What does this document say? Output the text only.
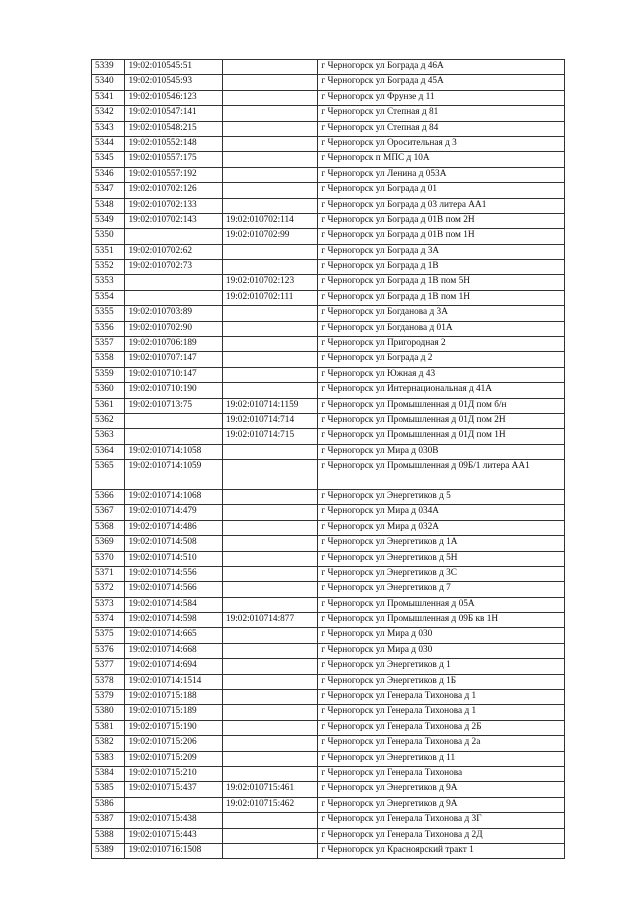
5339	19:02:010545:51		г Черногорск ул Бограда д 46А
5340	19:02:010545:93		г Черногорск ул Бограда д 45А
5341	19:02:010546:123		г Черногорск ул Фрунзе д 11
5342	19:02:010547:141		г Черногорск ул Степная д 81
5343	19:02:010548:215		г Черногорск ул Степная д 84
5344	19:02:010552:148		г Черногорск ул Оросительная д 3
5345	19:02:010557:175		г Черногорск п МПС д 10А
5346	19:02:010557:192		г Черногорск ул Ленина д 053А
5347	19:02:010702:126		г Черногорск ул Бограда д 01
5348	19:02:010702:133		г Черногорск ул Бограда д 03 литера АА1
5349	19:02:010702:143	19:02:010702:114	г Черногорск ул Бограда д 01В пом 2Н
5350		19:02:010702:99	г Черногорск ул Бограда д 01В пом 1Н
5351	19:02:010702:62		г Черногорск ул Бограда д 3А
5352	19:02:010702:73		г Черногорск ул Бограда д 1В
5353		19:02:010702:123	г Черногорск ул Бограда д 1В пом 5Н
5354		19:02:010702:111	г Черногорск ул Бограда д 1В пом 1Н
5355	19:02:010703:89		г Черногорск ул Богданова д 3А
5356	19:02:010702:90		г Черногорск ул Богданова д 01А
5357	19:02:010706:189		г Черногорск ул Пригородная 2
5358	19:02:010707:147		г Черногорск ул Бограда д 2
5359	19:02:010710:147		г Черногорск ул Южная д 43
5360	19:02:010710:190		г Черногорск ул Интернациональная д 41А
5361	19:02:010713:75	19:02:010714:1159	г Черногорск ул Промышленная д 01Д пом б/н
5362		19:02:010714:714	г Черногорск ул Промышленная д 01Д пом 2Н
5363		19:02:010714:715	г Черногорск ул Промышленная д 01Д пом 1Н
5364	19:02:010714:1058		г Черногорск ул Мира д 030В
5365	19:02:010714:1059		г Черногорск ул Промышленная д 09Б/1 литера АА1
5366	19:02:010714:1068		г Черногорск ул Энергетиков д 5
5367	19:02:010714:479		г Черногорск ул Мира д 034А
5368	19:02:010714:486		г Черногорск ул Мира д 032А
5369	19:02:010714:508		г Черногорск ул Энергетиков д 1А
5370	19:02:010714:510		г Черногорск ул Энергетиков д 5Н
5371	19:02:010714:556		г Черногорск ул Энергетиков д 3С
5372	19:02:010714:566		г Черногорск ул Энергетиков д 7
5373	19:02:010714:584		г Черногорск ул Промышленная д 05А
5374	19:02:010714:598	19:02:010714:877	г Черногорск ул Промышленная д 09Б кв 1Н
5375	19:02:010714:665		г Черногорск ул Мира д 030
5376	19:02:010714:668		г Черногорск ул Мира д 030
5377	19:02:010714:694		г Черногорск ул Энергетиков д 1
5378	19:02:010714:1514		г Черногорск ул Энергетиков д 1Б
5379	19:02:010715:188		г Черногорск ул Генерала Тихонова д 1
5380	19:02:010715:189		г Черногорск ул Генерала Тихонова д 1
5381	19:02:010715:190		г Черногорск ул Генерала Тихонова д 2Б
5382	19:02:010715:206		г Черногорск ул Генерала Тихонова д 2а
5383	19:02:010715:209		г Черногорск ул Энергетиков д 11
5384	19:02:010715:210		г Черногорск ул Генерала Тихонова
5385	19:02:010715:437	19:02:010715:461	г Черногорск ул Энергетиков д 9А
5386		19:02:010715:462	г Черногорск ул Энергетиков д 9А
5387	19:02:010715:438		г Черногорск ул Генерала Тихонова д 3Г
5388	19:02:010715:443		г Черногорск ул Генерала Тихонова д 2Д
5389	19:02:010716:1508		г Черногорск ул Красноярский тракт 1
